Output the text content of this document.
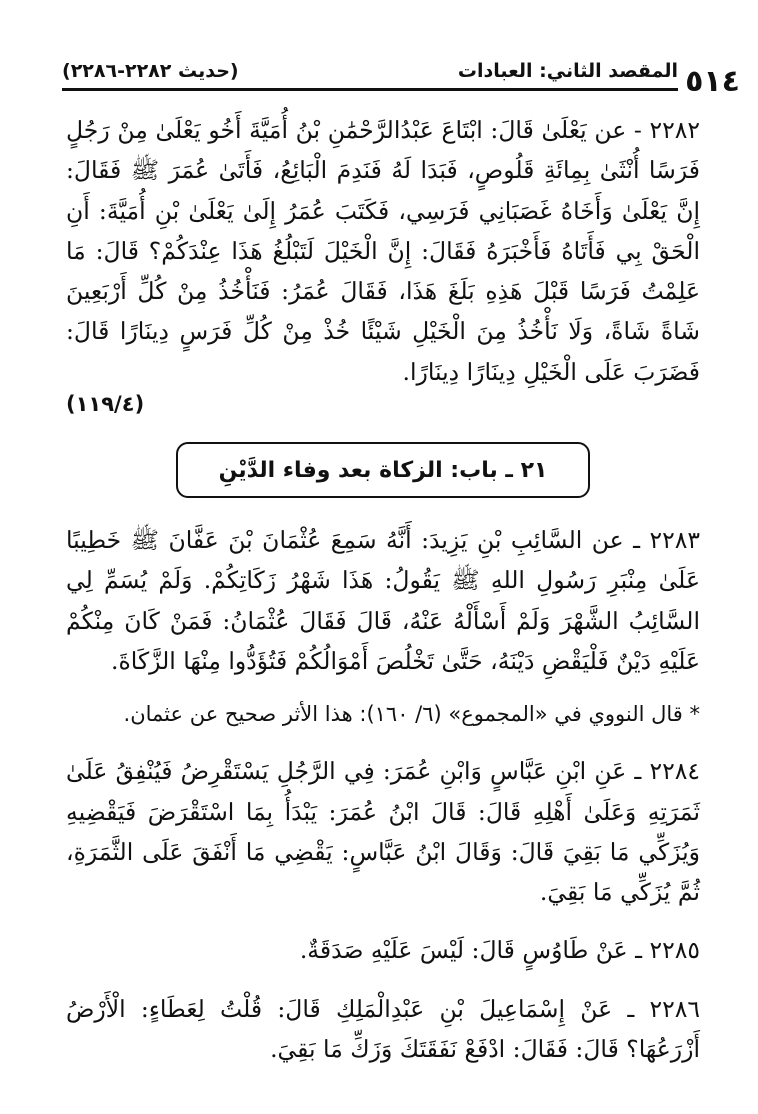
٥١٤
المقصد الثاني: العبادات
(حديث ٢٢٨٢-٢٢٨٦)

٢٢٨٢ - عن يَعْلَىٰ قَالَ: ابْتَاعَ عَبْدُالرَّحْمَٰنِ بْنُ أُمَيَّةَ أَخُو يَعْلَىٰ مِنْ رَجُلٍ فَرَسًا أُنْثَىٰ بِمِائَةِ قَلُوصٍ، فَبَدَا لَهُ فَنَدِمَ الْبَائِعُ، فَأَتَىٰ عُمَرَ ﷺ فَقَالَ: إِنَّ يَعْلَىٰ وَأَخَاهُ غَصَبَانِي فَرَسِي، فَكَتَبَ عُمَرُ إِلَىٰ يَعْلَىٰ بْنِ أُمَيَّةَ: أَنِ الْحَقْ بِي فَأَتَاهُ فَأَخْبَرَهُ فَقَالَ: إِنَّ الْخَيْلَ لَتَبْلُغُ هَذَا عِنْدَكُمْ؟ قَالَ: مَا عَلِمْتُ فَرَسًا قَبْلَ هَذِهِ بَلَغَ هَذَا، فَقَالَ عُمَرُ: فَنَأْخُذُ مِنْ كُلِّ أَرْبَعِينَ شَاةً شَاةً، وَلَا نَأْخُذُ مِنَ الْخَيْلِ شَيْئًا خُذْ مِنْ كُلِّ فَرَسٍ دِينَارًا قَالَ: فَضَرَبَ عَلَى الْخَيْلِ دِينَارًا دِينَارًا.

(١١٩/٤)
٢١ ـ باب: الزكاة بعد وفاء الدَّيْنِ

٢٢٨٣ ـ عن السَّائِبِ بْنِ يَزِيدَ: أَنَّهُ سَمِعَ عُثْمَانَ بْنَ عَفَّانَ ﷺ خَطِيبًا عَلَىٰ مِنْبَرِ رَسُولِ اللهِ ﷺ يَقُولُ: هَذَا شَهْرُ زَكَاتِكُمْ. وَلَمْ يُسَمِّ لِي السَّائِبُ الشَّهْرَ وَلَمْ أَسْأَلْهُ عَنْهُ، قَالَ فَقَالَ عُثْمَانُ: فَمَنْ كَانَ مِنْكُمْ عَلَيْهِ دَيْنٌ فَلْيَقْضِ دَيْنَهُ، حَتَّىٰ تَخْلُصَ أَمْوَالُكُمْ فَتُؤَدُّوا مِنْهَا الزَّكَاةَ.

* قال النووي في «المجموع» (٦/ ١٦٠): هذا الأثر صحيح عن عثمان.

٢٢٨٤ ـ عَنِ ابْنِ عَبَّاسٍ وَابْنِ عُمَرَ: فِي الرَّجُلِ يَسْتَقْرِضُ فَيُنْفِقُ عَلَىٰ ثَمَرَتِهِ وَعَلَىٰ أَهْلِهِ قَالَ: قَالَ ابْنُ عُمَرَ: يَبْدَأُ بِمَا اسْتَقْرَضَ فَيَقْضِيهِ وَيُزَكِّي مَا بَقِيَ قَالَ: وَقَالَ ابْنُ عَبَّاسٍ: يَقْضِي مَا أَنْفَقَ عَلَى الثَّمَرَةِ، ثُمَّ يُزَكِّي مَا بَقِيَ.

٢٢٨٥ ـ عَنْ طَاوُسٍ قَالَ: لَيْسَ عَلَيْهِ صَدَقَةٌ.

٢٢٨٦ ـ عَنْ إِسْمَاعِيلَ بْنِ عَبْدِالْمَلِكِ قَالَ: قُلْتُ لِعَطَاءٍ: الْأَرْضُ أَزْرَعُهَا؟ قَالَ: فَقَالَ: ادْفَعْ نَفَقَتَكَ وَزَكِّ مَا بَقِيَ.
